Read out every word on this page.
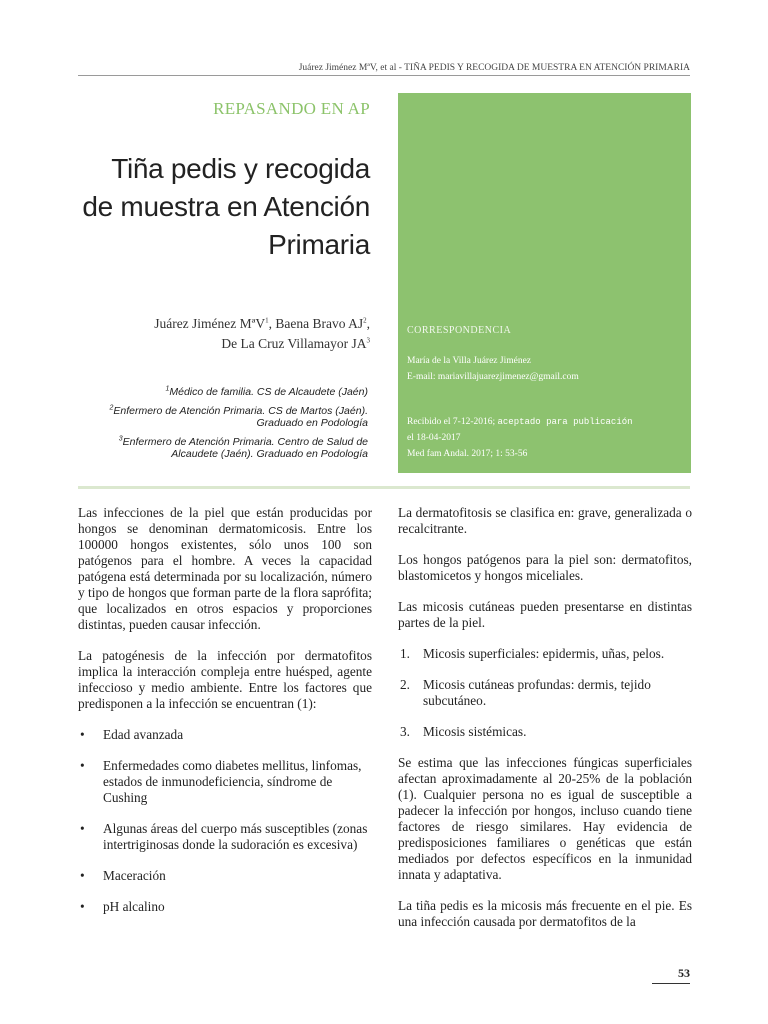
Juárez Jiménez MªV, et al - TIÑA PEDIS Y RECOGIDA DE MUESTRA EN ATENCIÓN PRIMARIA
REPASANDO EN AP
Tiña pedis y recogida
de muestra en Atención
Primaria
Juárez Jiménez MªV$^1$, Baena Bravo $AJ^2$,
De La Cruz Villamayor $JA^3$
$^1$Médico de familia. CS de Alcaudete (Jaén)
$^2$Enfermero de Atención Primaria. CS de Martos (Jaén).
Graduado en Podología
$^3$Enfermero de Atención Primaria. Centro de Salud de
Alcaudete (Jaén). Graduado en Podología
CORRESPONDENCIA
María de la Villa Juárez Jiménez
E-mail: mariavillajuarezjimenez@gmail.com
Recibido el 7-12-2016; aceptado para publicación
el 18-04-2017
Med fam Andal. 2017; 1: 53-56

Las infecciones de la piel que están producidas por hongos se denominan dermatomicosis. Entre los 100000 hongos existentes, sólo unos 100 son patógenos para el hombre. A veces la capacidad patógena está determinada por su localización, número y tipo de hongos que forman parte de la flora saprófita; que localizados en otros espacios y proporciones distintas, pueden causar infección.

La patogénesis de la infección por dermatofitos implica la interacción compleja entre huésped, agente infeccioso y medio ambiente. Entre los factores que predisponen a la infección se encuentran (1):

• Edad avanzada
• Enfermedades como diabetes mellitus, linfomas, estados de inmunodeficiencia, síndrome de Cushing
• Algunas áreas del cuerpo más susceptibles (zonas intertriginosas donde la sudoración es excesiva)
• Maceración
• pH alcalino

La dermatofitosis se clasifica en: grave, generalizada o recalcitrante.

Los hongos patógenos para la piel son: dermatofitos, blastomicetos y hongos miceliales.

Las micosis cutáneas pueden presentarse en distintas partes de la piel.

1. Micosis superficiales: epidermis, uñas, pelos.
2. Micosis cutáneas profundas: dermis, tejido subcutáneo.
3. Micosis sistémicas.

Se estima que las infecciones fúngicas superficiales afectan aproximadamente al 20-25% de la población (1). Cualquier persona no es igual de susceptible a padecer la infección por hongos, incluso cuando tiene factores de riesgo similares. Hay evidencia de predisposiciones familiares o genéticas que están mediados por defectos específicos en la inmunidad innata y adaptativa.

La tiña pedis es la micosis más frecuente en el pie. Es una infección causada por dermatofitos de la

53
